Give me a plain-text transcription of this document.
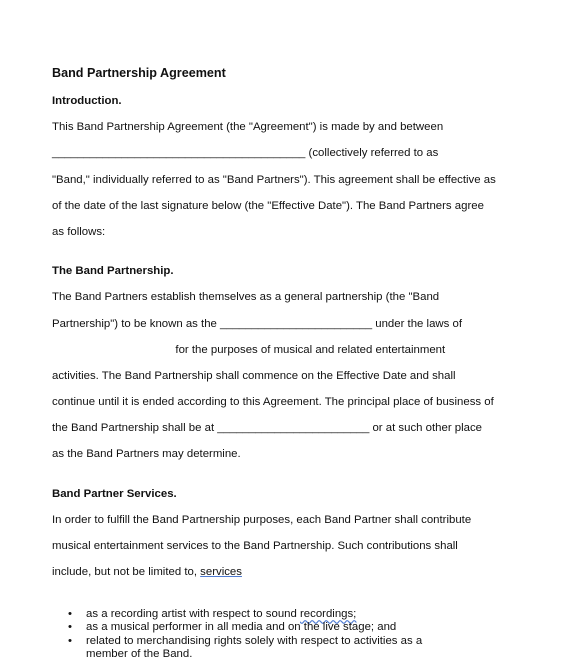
Band Partnership Agreement
Introduction.

This Band Partnership Agreement (the "Agreement") is made by and between

________________________________________ (collectively referred to as

"Band," individually referred to as "Band Partners"). This agreement shall be effective as

of the date of the last signature below (the "Effective Date"). The Band Partners agree

as follows:

The Band Partnership.

The Band Partners establish themselves as a general partnership (the "Band

Partnership") to be known as the ________________________ under the laws of

for the purposes of musical and related entertainment

activities. The Band Partnership shall commence on the Effective Date and shall

continue until it is ended according to this Agreement. The principal place of business of

the Band Partnership shall be at ________________________ or at such other place

as the Band Partners may determine.

Band Partner Services.

In order to fulfill the Band Partnership purposes, each Band Partner shall contribute

musical entertainment services to the Band Partnership. Such contributions shall

include, but not be limited to, services

• as a recording artist with respect to sound recordings;
• as a musical performer in all media and on the live stage; and
• related to merchandising rights solely with respect to activities as a
member of the Band.
